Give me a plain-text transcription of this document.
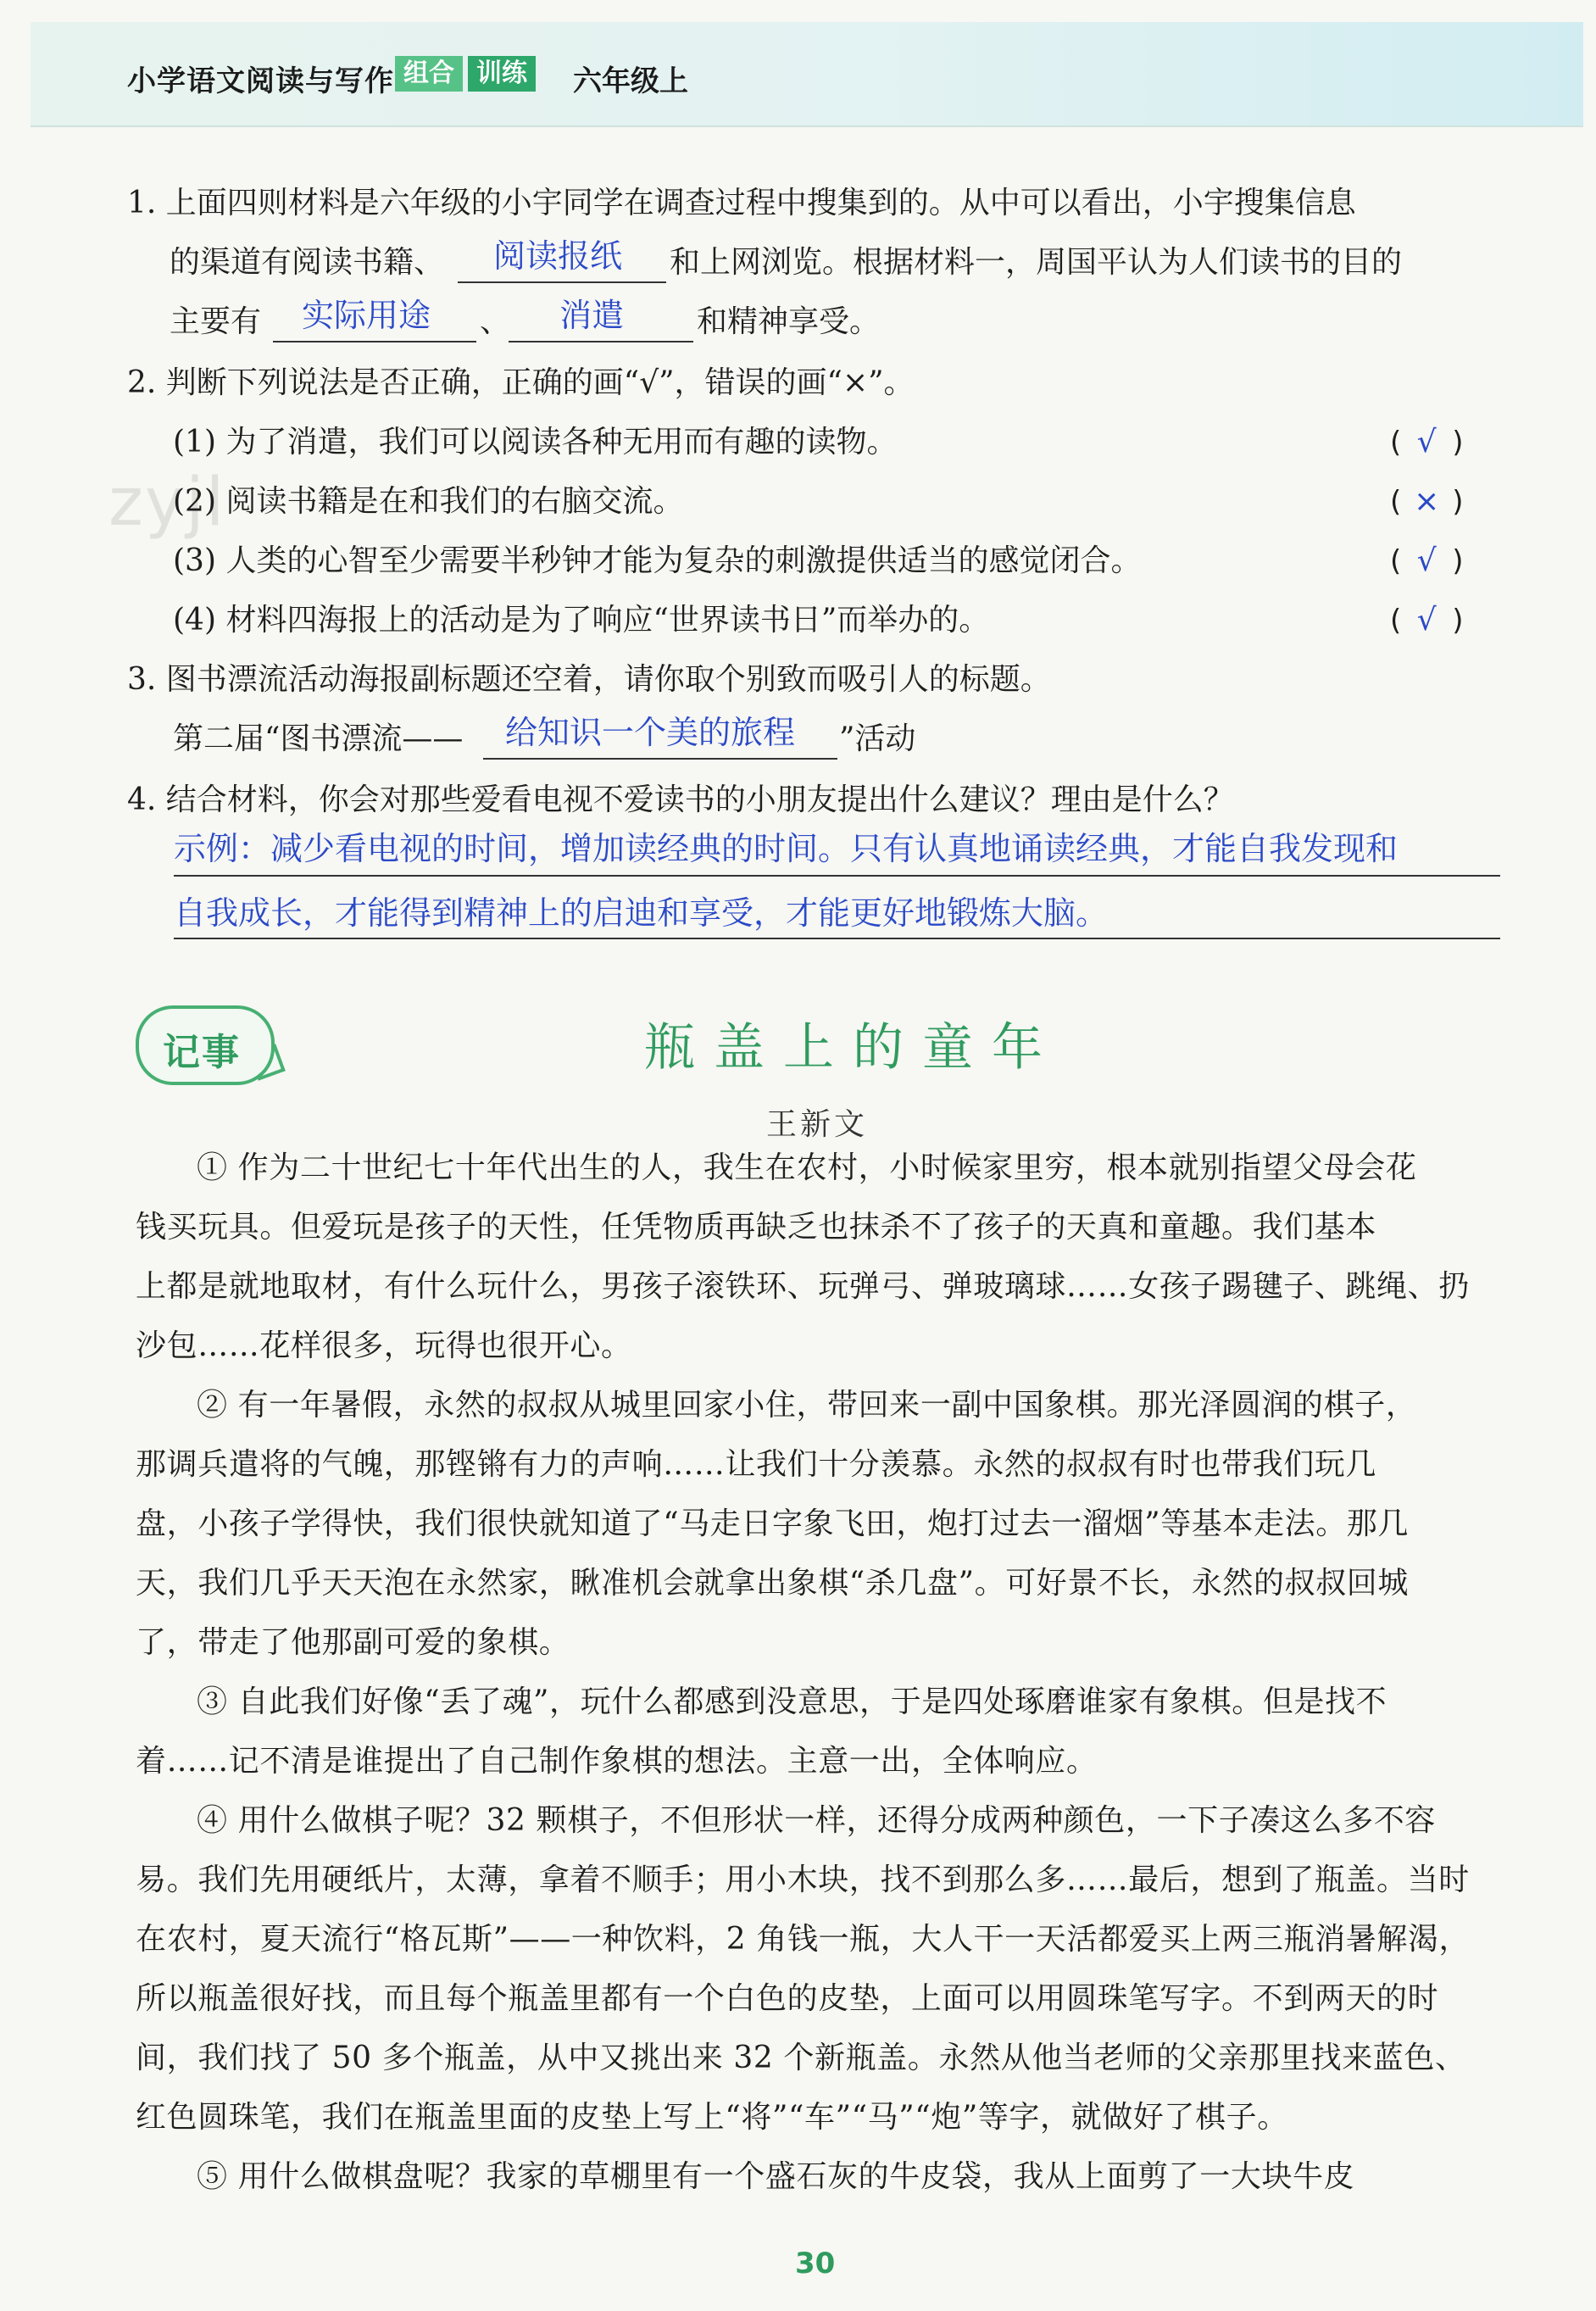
小学语文阅读与写作 组合 训练 六年级上
zyjl
1. 上面四则材料是六年级的小宇同学在调查过程中搜集到的。从中可以看出，小宇搜集信息
的渠道有阅读书籍、 阅读报纸 和上网浏览。根据材料一，周国平认为人们读书的目的
主要有 实际用途 、 消遣 和精神享受。
2. 判断下列说法是否正确，正确的画“√”，错误的画“×”。
(1) 为了消遣，我们可以阅读各种无用而有趣的读物。	( √ )
(2) 阅读书籍是在和我们的右脑交流。	( × )
(3) 人类的心智至少需要半秒钟才能为复杂的刺激提供适当的感觉闭合。	( √ )
(4) 材料四海报上的活动是为了响应“世界读书日”而举办的。	( √ )
3. 图书漂流活动海报副标题还空着，请你取个别致而吸引人的标题。
第二届“图书漂流—— 给知识一个美的旅程 ”活动
4. 结合材料，你会对那些爱看电视不爱读书的小朋友提出什么建议？理由是什么？
示例：减少看电视的时间，增加读经典的时间。只有认真地诵读经典，才能自我发现和
自我成长，才能得到精神上的启迪和享受，才能更好地锻炼大脑。
记事	瓶盖上的童年
王新文
① 作为二十世纪七十年代出生的人，我生在农村，小时候家里穷，根本就别指望父母会花
钱买玩具。但爱玩是孩子的天性，任凭物质再缺乏也抹杀不了孩子的天真和童趣。我们基本
上都是就地取材，有什么玩什么，男孩子滚铁环、玩弹弓、弹玻璃球……女孩子踢毽子、跳绳、扔
沙包……花样很多，玩得也很开心。
② 有一年暑假，永然的叔叔从城里回家小住，带回来一副中国象棋。那光泽圆润的棋子，
那调兵遣将的气魄，那铿锵有力的声响……让我们十分羡慕。永然的叔叔有时也带我们玩几
盘，小孩子学得快，我们很快就知道了“马走日字象飞田，炮打过去一溜烟”等基本走法。那几
天，我们几乎天天泡在永然家，瞅准机会就拿出象棋“杀几盘”。可好景不长，永然的叔叔回城
了，带走了他那副可爱的象棋。
③ 自此我们好像“丢了魂”，玩什么都感到没意思，于是四处琢磨谁家有象棋。但是找不
着……记不清是谁提出了自己制作象棋的想法。主意一出，全体响应。
④ 用什么做棋子呢？32 颗棋子，不但形状一样，还得分成两种颜色，一下子凑这么多不容
易。我们先用硬纸片，太薄，拿着不顺手；用小木块，找不到那么多……最后，想到了瓶盖。当时
在农村，夏天流行“格瓦斯”——一种饮料，2 角钱一瓶，大人干一天活都爱买上两三瓶消暑解渴，
所以瓶盖很好找，而且每个瓶盖里都有一个白色的皮垫，上面可以用圆珠笔写字。不到两天的时
间，我们找了 50 多个瓶盖，从中又挑出来 32 个新瓶盖。永然从他当老师的父亲那里找来蓝色、
红色圆珠笔，我们在瓶盖里面的皮垫上写上“将”“车”“马”“炮”等字，就做好了棋子。
⑤ 用什么做棋盘呢？我家的草棚里有一个盛石灰的牛皮袋，我从上面剪了一大块牛皮
30
